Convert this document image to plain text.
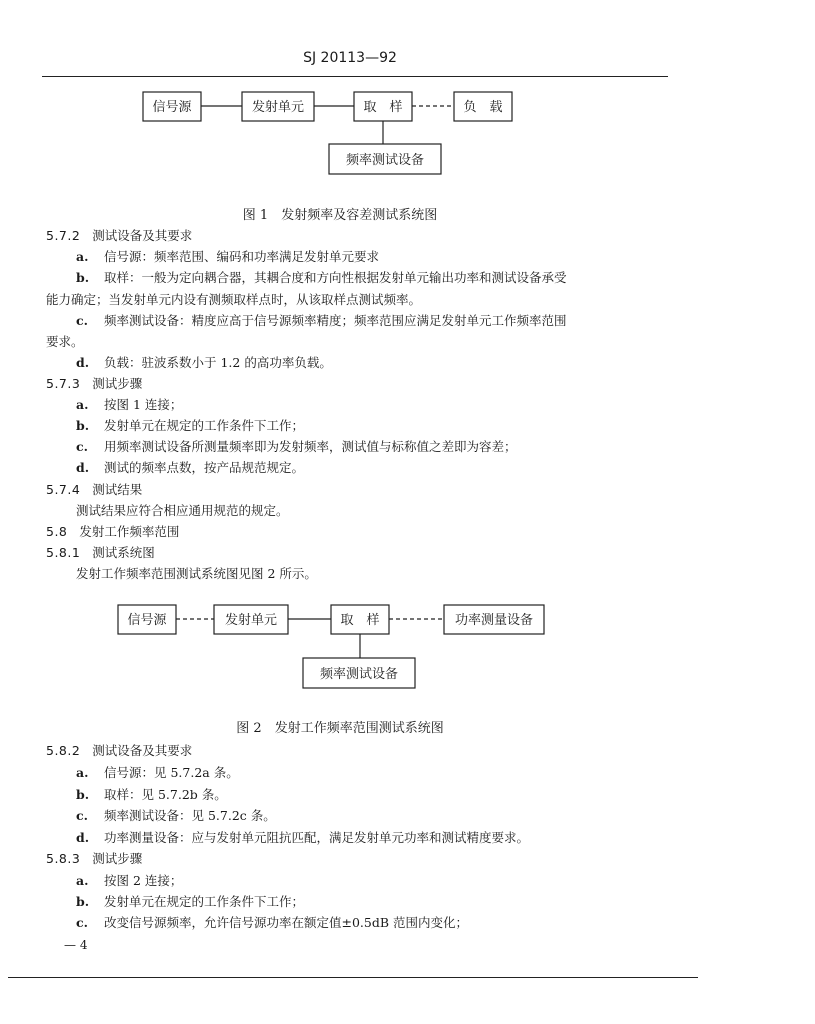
SJ 20113—92
信号源	发射单元	取　样	负　载
频率测试设备
图 1　发射频率及容差测试系统图
5.7.2 测试设备及其要求
a. 信号源：频率范围、编码和功率满足发射单元要求
b. 取样：一般为定向耦合器，其耦合度和方向性根据发射单元输出功率和测试设备承受
能力确定；当发射单元内设有测频取样点时，从该取样点测试频率。
c. 频率测试设备：精度应高于信号源频率精度；频率范围应满足发射单元工作频率范围
要求。
d. 负载：驻波系数小于 1.2 的高功率负载。
5.7.3 测试步骤
a. 按图 1 连接；
b. 发射单元在规定的工作条件下工作；
c. 用频率测试设备所测量频率即为发射频率，测试值与标称值之差即为容差；
d. 测试的频率点数，按产品规范规定。
5.7.4 测试结果
测试结果应符合相应通用规范的规定。
5.8 发射工作频率范围
5.8.1 测试系统图
发射工作频率范围测试系统图见图 2 所示。
信号源	发射单元	取　样	功率测量设备
频率测试设备
图 2　发射工作频率范围测试系统图
5.8.2 测试设备及其要求
a. 信号源：见 5.7.2a 条。
b. 取样：见 5.7.2b 条。
c. 频率测试设备：见 5.7.2c 条。
d. 功率测量设备：应与发射单元阻抗匹配，满足发射单元功率和测试精度要求。
5.8.3 测试步骤
a. 按图 2 连接；
b. 发射单元在规定的工作条件下工作；
c. 改变信号源频率，允许信号源功率在额定值±0.5dB 范围内变化；
— 4
